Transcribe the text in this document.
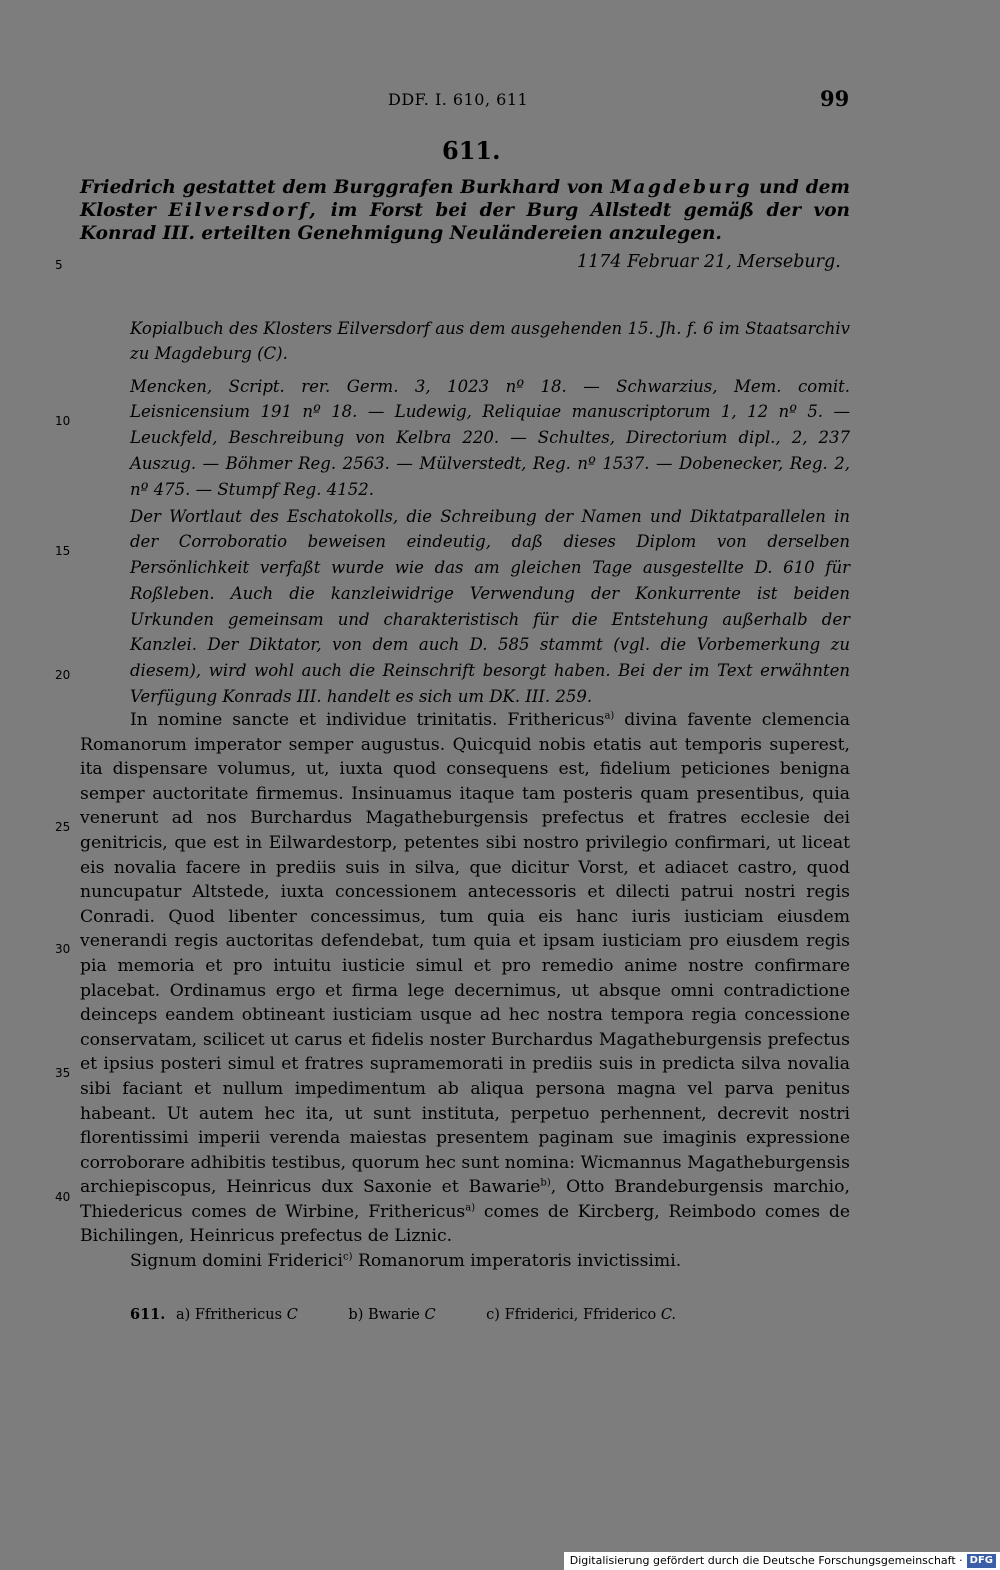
DDF. I. 610, 611	99
611.
Friedrich gestattet dem Burggrafen Burkhard von Magdeburg und dem Kloster Eilversdorf, im Forst bei der Burg Allstedt gemäß der von Konrad III. erteilten Genehmigung Neuländereien anzulegen.
1174 Februar 21, Merseburg.

Kopialbuch des Klosters Eilversdorf aus dem ausgehenden 15. Jh. f. 6 im Staatsarchiv zu Magdeburg (C).

Mencken, Script. rer. Germ. 3, 1023 nº 18. — Schwarzius, Mem. comit. Leisnicensium 191 nº 18. — Ludewig, Reliquiae manuscriptorum 1, 12 nº 5. — Leuckfeld, Beschreibung von Kelbra 220. — Schultes, Directorium dipl., 2, 237 Auszug. — Böhmer Reg. 2563. — Mülverstedt, Reg. nº 1537. — Dobenecker, Reg. 2, nº 475. — Stumpf Reg. 4152.

Der Wortlaut des Eschatokolls, die Schreibung der Namen und Diktatparallelen in der Corroboratio beweisen eindeutig, daß dieses Diplom von derselben Persönlichkeit verfaßt wurde wie das am gleichen Tage ausgestellte D. 610 für Roßleben. Auch die kanzleiwidrige Verwendung der Konkurrente ist beiden Urkunden gemeinsam und charakteristisch für die Entstehung außerhalb der Kanzlei. Der Diktator, von dem auch D. 585 stammt (vgl. die Vorbemerkung zu diesem), wird wohl auch die Reinschrift besorgt haben. Bei der im Text erwähnten Verfügung Konrads III. handelt es sich um DK. III. 259.

In nomine sancte et individue trinitatis. Frithericus$^{a)}$ divina favente clemencia Romanorum imperator semper augustus. Quicquid nobis etatis aut temporis superest, ita dispensare volumus, ut, iuxta quod consequens est, fidelium peticiones benigna semper auctoritate firmemus. Insinuamus itaque tam posteris quam presentibus, quia venerunt ad nos Burchardus Magatheburgensis prefectus et fratres ecclesie dei genitricis, que est in Eilwardestorp, petentes sibi nostro privilegio confirmari, ut liceat eis novalia facere in prediis suis in silva, que dicitur Vorst, et adiacet castro, quod nuncupatur Altstede, iuxta concessionem antecessoris et dilecti patrui nostri regis Conradi. Quod libenter concessimus, tum quia eis hanc iuris iusticiam eiusdem venerandi regis auctoritas defendebat, tum quia et ipsam iusticiam pro eiusdem regis pia memoria et pro intuitu iusticie simul et pro remedio anime nostre confirmare placebat. Ordinamus ergo et firma lege decernimus, ut absque omni contradictione deinceps eandem obtineant iusticiam usque ad hec nostra tempora regia concessione conservatam, scilicet ut carus et fidelis noster Burchardus Magatheburgensis prefectus et ipsius posteri simul et fratres supramemorati in prediis suis in predicta silva novalia sibi faciant et nullum impedimentum ab aliqua persona magna vel parva penitus habeant. Ut autem hec ita, ut sunt instituta, perpetuo perhennent, decrevit nostri florentissimi imperii verenda maiestas presentem paginam sue imaginis expressione corroborare adhibitis testibus, quorum hec sunt nomina: Wicmannus Magatheburgensis archiepiscopus, Heinricus dux Saxonie et Bawarie$^{b)}$, Otto Brandeburgensis marchio, Thiedericus comes de Wirbine, Frithericus$^{a)}$ comes de Kircberg, Reimbodo comes de Bichilingen, Heinricus prefectus de Liznic.

Signum domini Friderici$^{c)}$ Romanorum imperatoris invictissimi.

611. a) Ffrithericus C	b) Bwarie C	c) Ffriderici, Ffriderico C.
5
10
15
20
25
30
35
40
Digitalisierung gefördert durch die Deutsche Forschungsgemeinschaft · DFG
